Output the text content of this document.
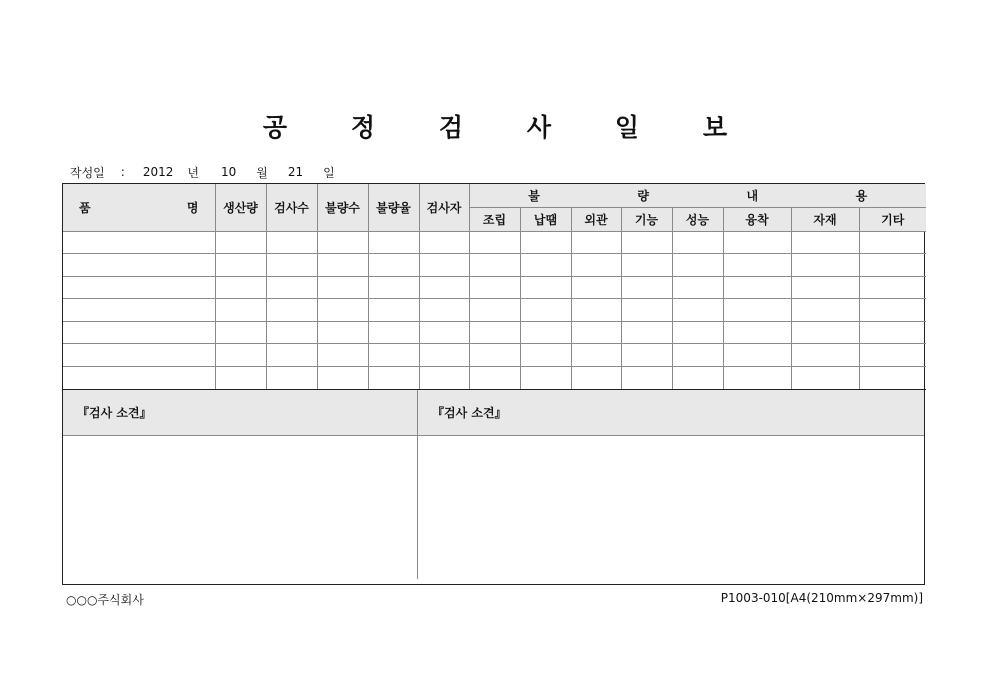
공	정	검	사	일	보
작성일 : 2012 년 10 월 21 일
품 명	생산량	검사수	불량수	불량율	검사자	불 량 내 용							

						조립	납땜	외관	기능	성능	융착	자재	기타

『검사 소견』	『검사 소견』
○○○주식회사	P1003-010[A4(210mm×297mm)]
